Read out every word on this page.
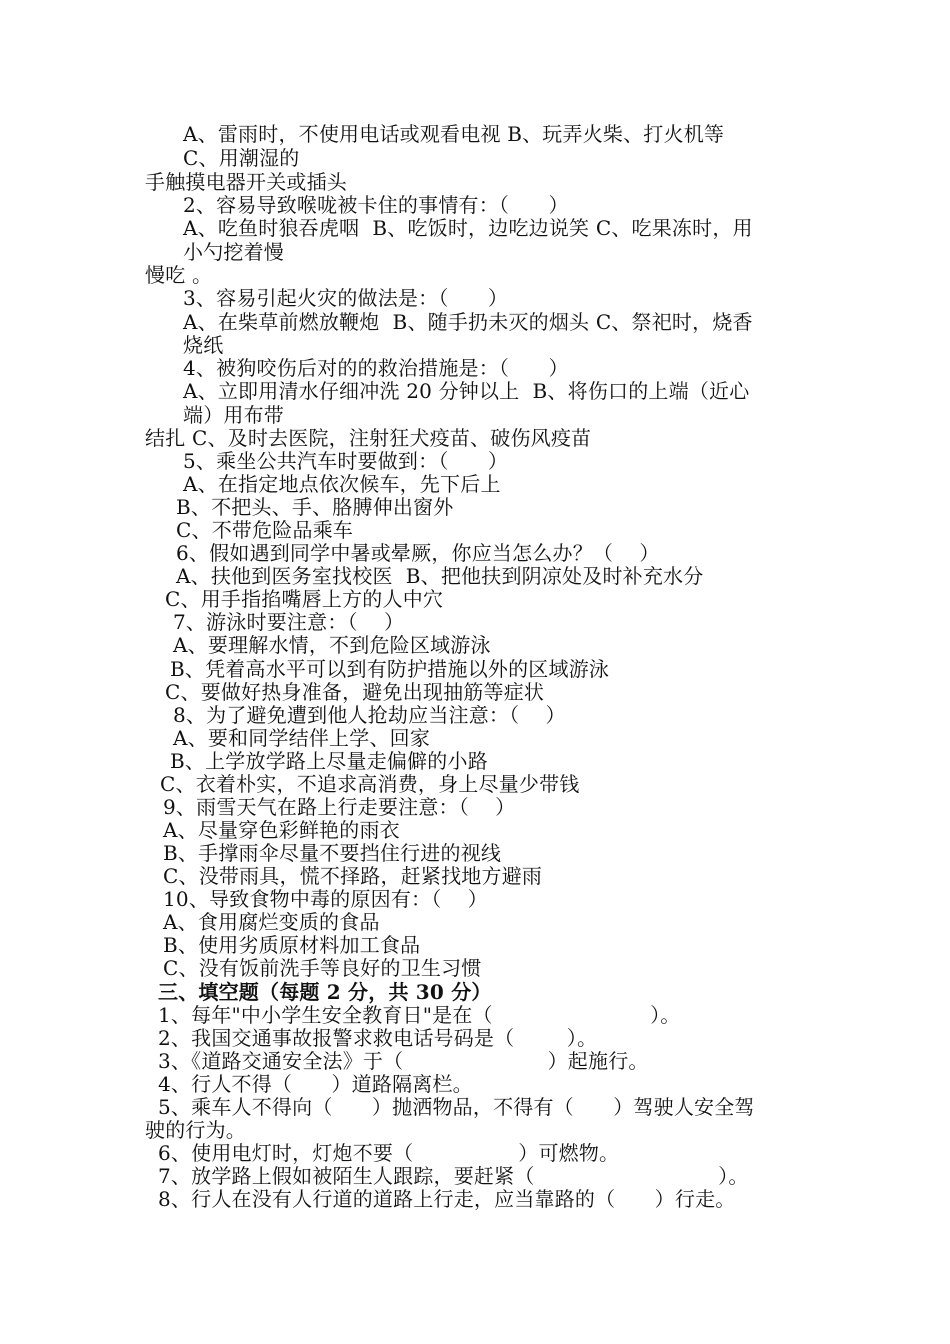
A、雷雨时，不使用电话或观看电视 B、玩弄火柴、打火机等
C、用潮湿的
手触摸电器开关或插头
2、容易导致喉咙被卡住的事情有：（      ）
A、吃鱼时狼吞虎咽  B、吃饭时，边吃边说笑 C、吃果冻时，用
小勺挖着慢
慢吃 。
3、容易引起火灾的做法是：（      ）
A、在柴草前燃放鞭炮  B、随手扔未灭的烟头 C、祭祀时，烧香
烧纸
4、被狗咬伤后对的的救治措施是：（      ）
A、立即用清水仔细冲洗 20 分钟以上  B、将伤口的上端（近心
端）用布带
结扎 C、及时去医院，注射狂犬疫苗、破伤风疫苗
5、乘坐公共汽车时要做到：（      ）
A、在指定地点依次候车，先下后上
B、不把头、手、胳膊伸出窗外
C、不带危险品乘车
6、假如遇到同学中暑或晕厥，你应当怎么办？（    ）
A、扶他到医务室找校医  B、把他扶到阴凉处及时补充水分
C、用手指掐嘴唇上方的人中穴
7、游泳时要注意：（    ）
A、要理解水情，不到危险区域游泳
B、凭着高水平可以到有防护措施以外的区域游泳
C、要做好热身准备，避免出现抽筋等症状
8、为了避免遭到他人抢劫应当注意：（    ）
A、要和同学结伴上学、回家
B、上学放学路上尽量走偏僻的小路
C、衣着朴实，不追求高消费，身上尽量少带钱
9、雨雪天气在路上行走要注意：（    ）
A、尽量穿色彩鲜艳的雨衣
B、手撑雨伞尽量不要挡住行进的视线
C、没带雨具，慌不择路，赶紧找地方避雨
10、导致食物中毒的原因有：（    ）
A、食用腐烂变质的食品
B、使用劣质原材料加工食品
C、没有饭前洗手等良好的卫生习惯
三、填空题（每题 2 分，共 30 分）
1、每年"中小学生安全教育日"是在（                        ）。
2、我国交通事故报警求救电话号码是（        ）。
3、《道路交通安全法》于（                      ）起施行。
4、行人不得（      ）道路隔离栏。
5、乘车人不得向（      ）抛洒物品，不得有（      ）驾驶人安全驾
驶的行为。
6、使用电灯时，灯炮不要（                ）可燃物。
7、放学路上假如被陌生人跟踪，要赶紧（                            ）。
8、行人在没有人行道的道路上行走，应当靠路的（      ）行走。
